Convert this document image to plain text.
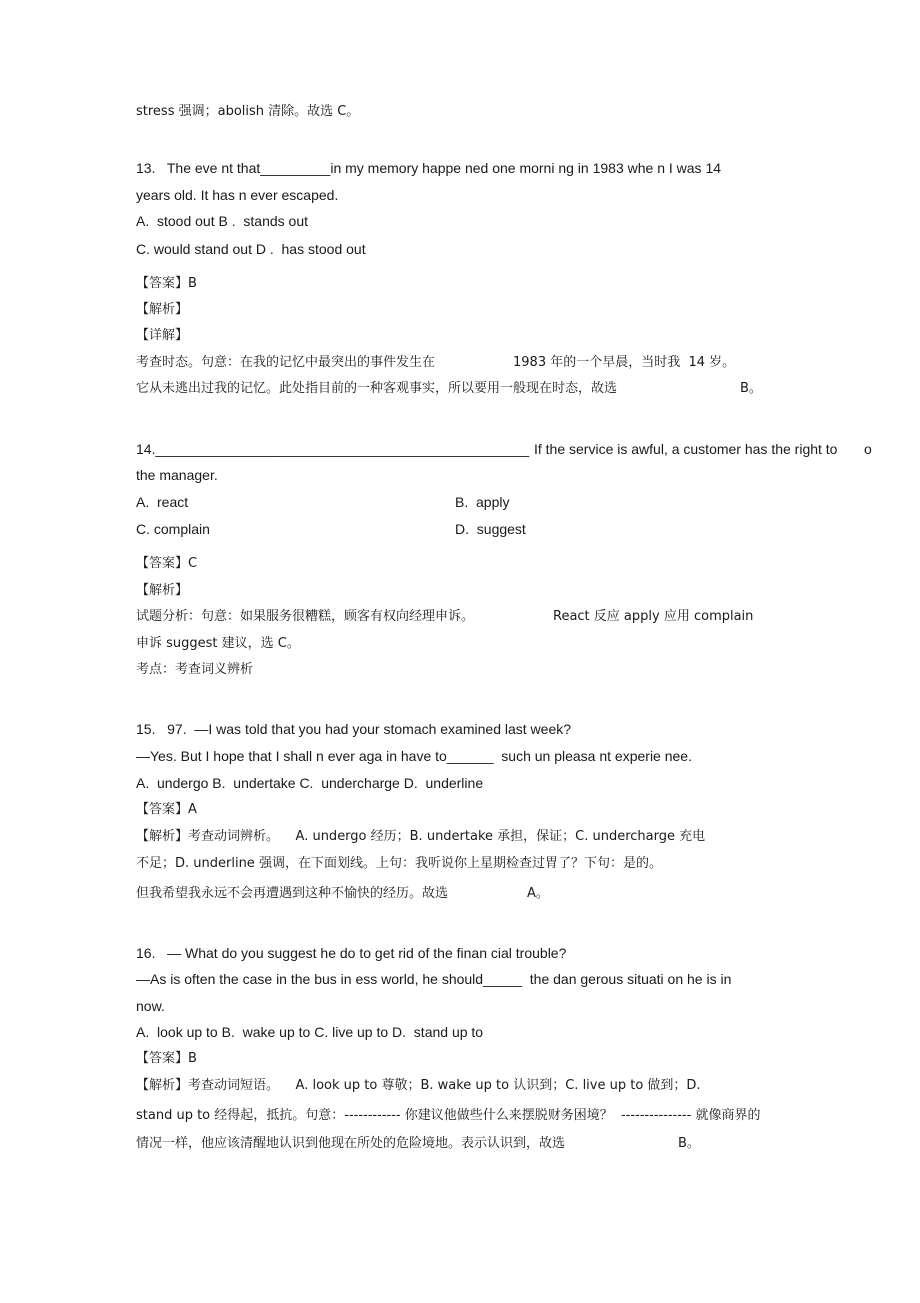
stress 强调；abolish 清除。故选 C。
13.   The eve nt that_________in my memory happe ned one morni ng in 1983 whe n I was 14
years old. It has n ever escaped.
A.  stood out B .  stands out
C. would stand out D .  has stood out
【答案】B
【解析】
【详解】
考查时态。句意：在我的记忆中最突出的事件发生在	1983 年的一个早晨，当时我  14 岁。
它从未逃出过我的记忆。此处指目前的一种客观事实，所以要用一般现在时态，故选	B。
14.________________________________________________ If the service is awful, a customer has the right to o
the manager.
A.  react	B.  apply
C. complain	D.  suggest
【答案】C
【解析】
试题分析：句意：如果服务很糟糕，顾客有权向经理申诉。	React 反应 apply 应用 complain
申诉 suggest 建议，选 C。
考点：考查词义辨析
15.   97.  —I was told that you had your stomach examined last week?
—Yes. But I hope that I shall n ever aga in have to______  such un pleasa nt experie nee.
A.  undergo B.  undertake C.  undercharge D.  underline
【答案】A
【解析】考查动词辨析。    A. undergo 经历；B. undertake 承担，保证；C. undercharge 充电
不足；D. underline 强调，在下面划线。上句：我听说你上星期检查过胃了？下句：是的。
但我希望我永远不会再遭遇到这种不愉快的经历。故选	A。
16.   — What do you suggest he do to get rid of the finan cial trouble?
—As is often the case in the bus in ess world, he should_____  the dan gerous situati on he is in
now.
A.  look up to B.  wake up to C. live up to D.  stand up to
【答案】B
【解析】考查动词短语。    A. look up to 尊敬；B. wake up to 认识到；C. live up to 做到；D.
stand up to 经得起，抵抗。句意：------------ 你建议他做些什么来摆脱财务困境？  --------------- 就像商界的
情况一样，他应该清醒地认识到他现在所处的危险境地。表示认识到，故选	B。
